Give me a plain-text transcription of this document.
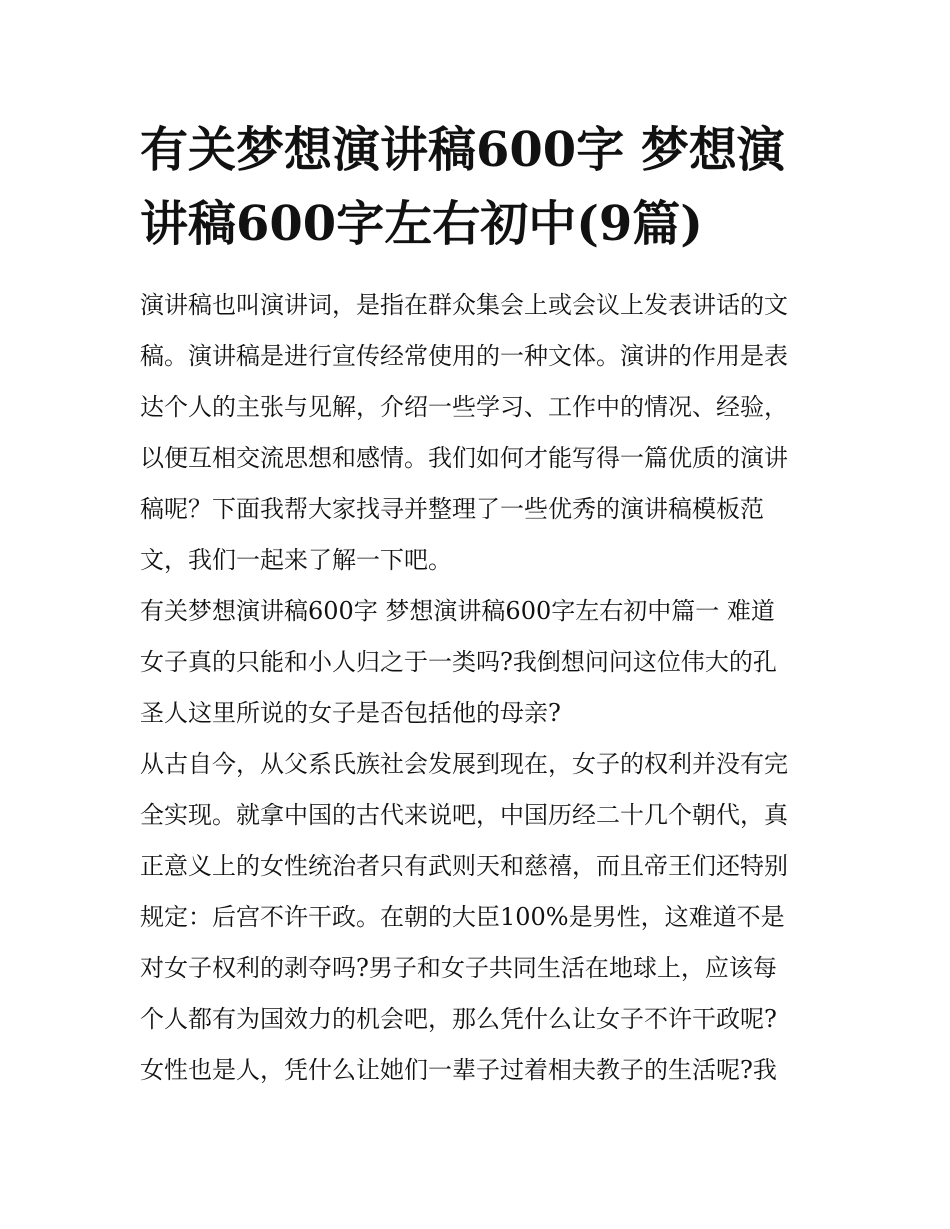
有关梦想演讲稿600字 梦想演
讲稿600字左右初中(9篇)
演讲稿也叫演讲词，是指在群众集会上或会议上发表讲话的文
稿。演讲稿是进行宣传经常使用的一种文体。演讲的作用是表
达个人的主张与见解，介绍一些学习、工作中的情况、经验，
以便互相交流思想和感情。我们如何才能写得一篇优质的演讲
稿呢？下面我帮大家找寻并整理了一些优秀的演讲稿模板范
文，我们一起来了解一下吧。
有关梦想演讲稿600字 梦想演讲稿600字左右初中篇一 难道
女子真的只能和小人归之于一类吗?我倒想问问这位伟大的孔
圣人这里所说的女子是否包括他的母亲?
从古自今，从父系氏族社会发展到现在，女子的权利并没有完
全实现。就拿中国的古代来说吧，中国历经二十几个朝代，真
正意义上的女性统治者只有武则天和慈禧，而且帝王们还特别
规定：后宫不许干政。在朝的大臣100%是男性，这难道不是
对女子权利的剥夺吗?男子和女子共同生活在地球上，应该每
个人都有为国效力的机会吧，那么凭什么让女子不许干政呢?
女性也是人，凭什么让她们一辈子过着相夫教子的生活呢?我
